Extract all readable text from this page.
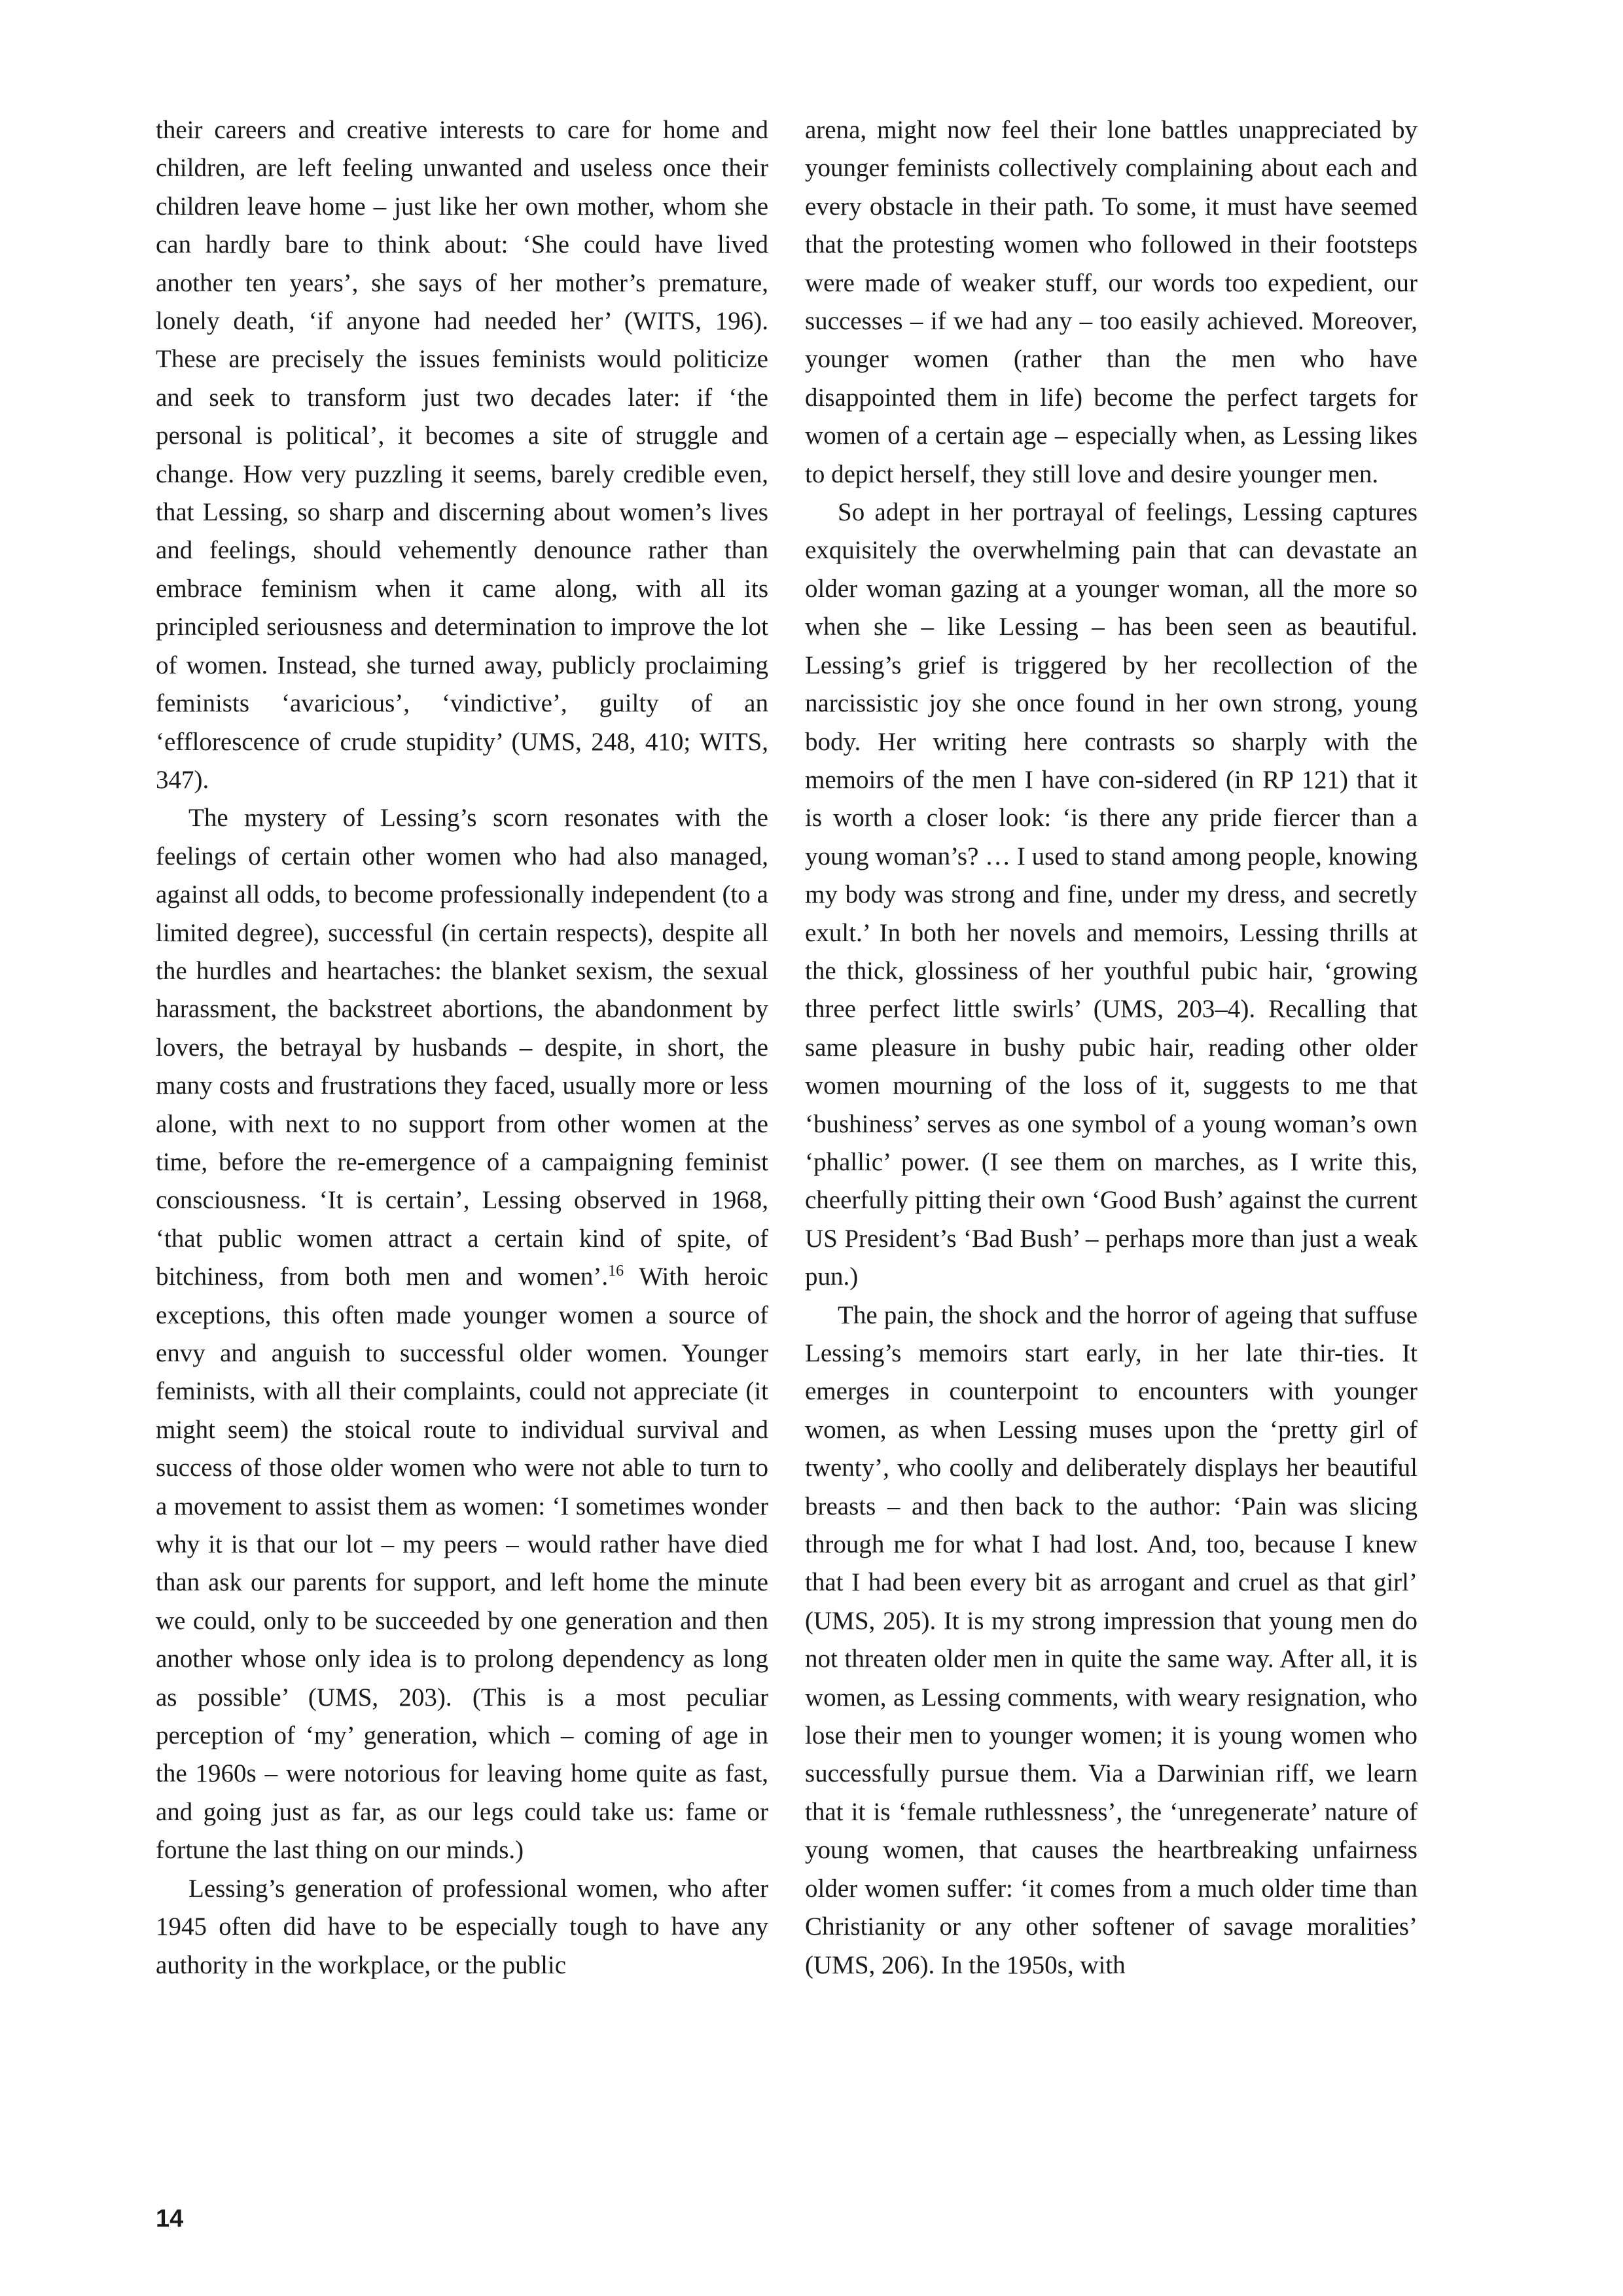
their careers and creative interests to care for home and children, are left feeling unwanted and useless once their children leave home – just like her own mother, whom she can hardly bare to think about: ‘She could have lived another ten years’, she says of her mother’s premature, lonely death, ‘if anyone had needed her’ (WITS, 196). These are precisely the issues feminists would politicize and seek to transform just two decades later: if ‘the personal is political’, it becomes a site of struggle and change. How very puzzling it seems, barely credible even, that Lessing, so sharp and discerning about women’s lives and feelings, should vehemently denounce rather than embrace feminism when it came along, with all its principled seriousness and determination to improve the lot of women. Instead, she turned away, publicly proclaiming feminists ‘avaricious’, ‘vindictive’, guilty of an ‘efflorescence of crude stupidity’ (UMS, 248, 410; WITS, 347).

The mystery of Lessing’s scorn resonates with the feelings of certain other women who had also managed, against all odds, to become professionally independent (to a limited degree), successful (in certain respects), despite all the hurdles and heartaches: the blanket sexism, the sexual harassment, the backstreet abortions, the abandonment by lovers, the betrayal by husbands – despite, in short, the many costs and frustrations they faced, usually more or less alone, with next to no support from other women at the time, before the re-emergence of a campaigning feminist consciousness. ‘It is certain’, Lessing observed in 1968, ‘that public women attract a certain kind of spite, of bitchiness, from both men and women’.$^{16}$ With heroic exceptions, this often made younger women a source of envy and anguish to successful older women. Younger feminists, with all their complaints, could not appreciate (it might seem) the stoical route to individual survival and success of those older women who were not able to turn to a movement to assist them as women: ‘I sometimes wonder why it is that our lot – my peers – would rather have died than ask our parents for support, and left home the minute we could, only to be succeeded by one generation and then another whose only idea is to prolong dependency as long as possible’ (UMS, 203). (This is a most peculiar perception of ‘my’ generation, which – coming of age in the 1960s – were notorious for leaving home quite as fast, and going just as far, as our legs could take us: fame or fortune the last thing on our minds.)

Lessing’s generation of professional women, who after 1945 often did have to be especially tough to have any authority in the workplace, or the public

arena, might now feel their lone battles unappreciated by younger feminists collectively complaining about each and every obstacle in their path. To some, it must have seemed that the protesting women who followed in their footsteps were made of weaker stuff, our words too expedient, our successes – if we had any – too easily achieved. Moreover, younger women (rather than the men who have disappointed them in life) become the perfect targets for women of a certain age – especially when, as Lessing likes to depict herself, they still love and desire younger men.

So adept in her portrayal of feelings, Lessing captures exquisitely the overwhelming pain that can devastate an older woman gazing at a younger woman, all the more so when she – like Lessing – has been seen as beautiful. Lessing’s grief is triggered by her recollection of the narcissistic joy she once found in her own strong, young body. Her writing here contrasts so sharply with the memoirs of the men I have con-sidered (in RP 121) that it is worth a closer look: ‘is there any pride fiercer than a young woman’s? … I used to stand among people, knowing my body was strong and fine, under my dress, and secretly exult.’ In both her novels and memoirs, Lessing thrills at the thick, glossiness of her youthful pubic hair, ‘growing three perfect little swirls’ (UMS, 203–4). Recalling that same pleasure in bushy pubic hair, reading other older women mourning of the loss of it, suggests to me that ‘bushiness’ serves as one symbol of a young woman’s own ‘phallic’ power. (I see them on marches, as I write this, cheerfully pitting their own ‘Good Bush’ against the current US President’s ‘Bad Bush’ – perhaps more than just a weak pun.)

The pain, the shock and the horror of ageing that suffuse Lessing’s memoirs start early, in her late thir-ties. It emerges in counterpoint to encounters with younger women, as when Lessing muses upon the ‘pretty girl of twenty’, who coolly and deliberately displays her beautiful breasts – and then back to the author: ‘Pain was slicing through me for what I had lost. And, too, because I knew that I had been every bit as arrogant and cruel as that girl’ (UMS, 205). It is my strong impression that young men do not threaten older men in quite the same way. After all, it is women, as Lessing comments, with weary resignation, who lose their men to younger women; it is young women who successfully pursue them. Via a Darwinian riff, we learn that it is ‘female ruthlessness’, the ‘unregenerate’ nature of young women, that causes the heartbreaking unfairness older women suffer: ‘it comes from a much older time than Christianity or any other softener of savage moralities’ (UMS, 206). In the 1950s, with

14
